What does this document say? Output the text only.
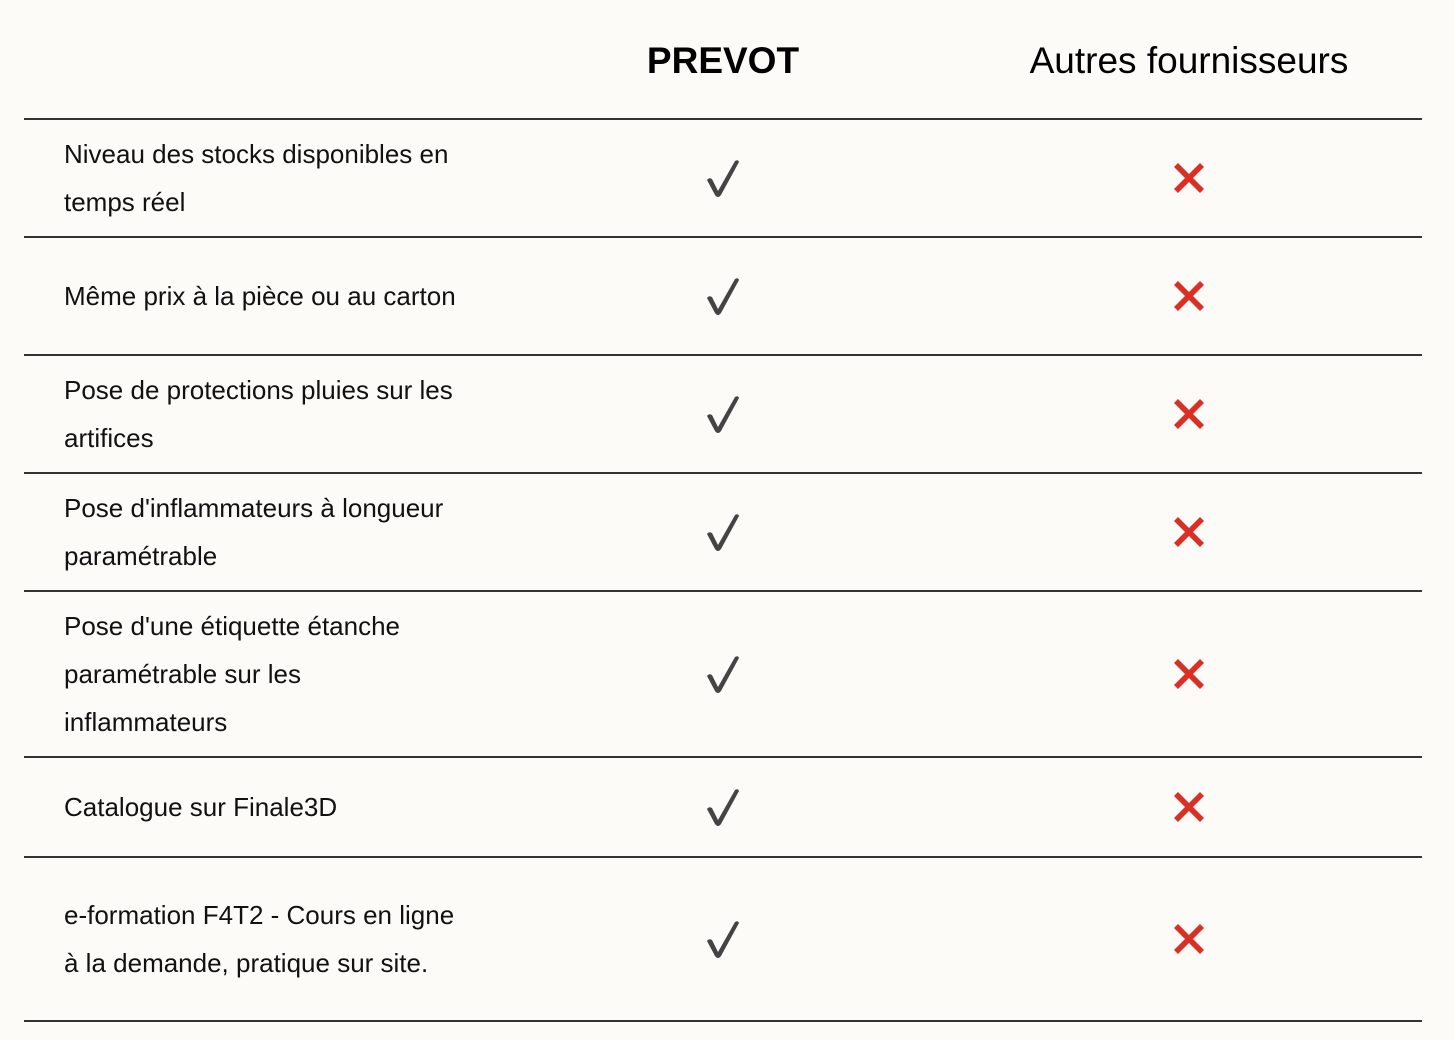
PREVOT	Autres fournisseurs
Niveau des stocks disponibles en temps réel
Même prix à la pièce ou au carton
Pose de protections pluies sur les artifices
Pose d'inflammateurs à longueur paramétrable
Pose d'une étiquette étanche paramétrable sur les inflammateurs
Catalogue sur Finale3D
e-formation F4T2 - Cours en ligne à la demande, pratique sur site.
